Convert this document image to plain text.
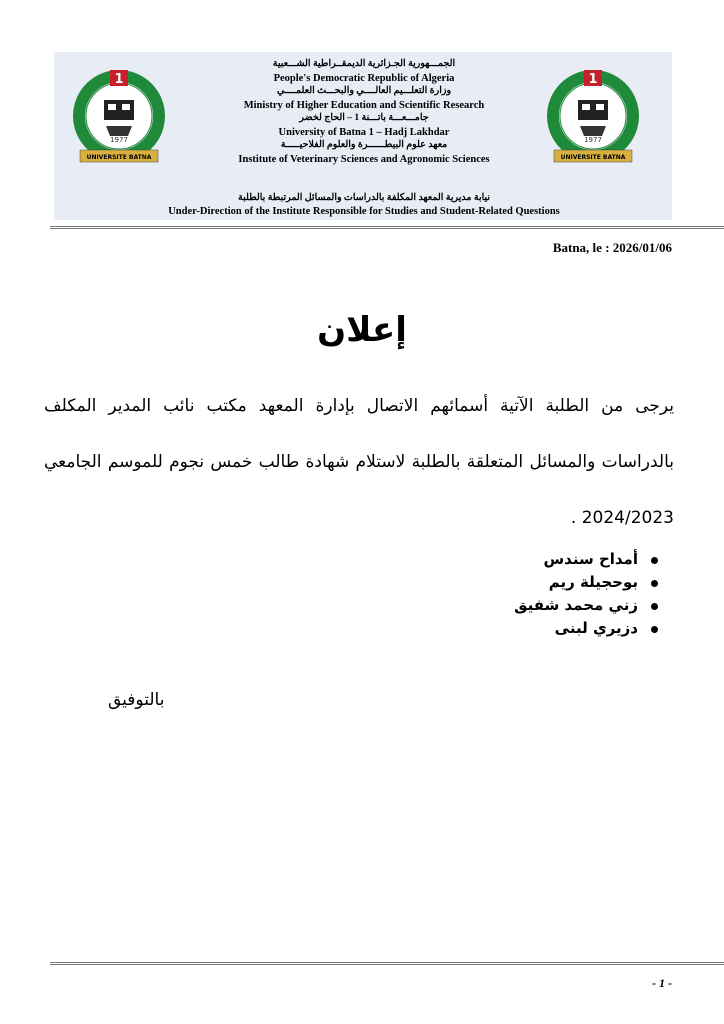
1
1977
UNIVERSITE BATNA
الجمـــهورية الجـزائرية الديمقــراطية الشـــعبية
People's Democratic Republic of Algeria
وزارة التعلـــيم العالــــي والبحـــث العلمــــي
Ministry of Higher Education and Scientific Research
جامـــعـــة باتـــنة 1 – الحاج لخضر
University of Batna 1 – Hadj Lakhdar
معهد علوم البيطــــــرة والعلوم الفلاحيـــــة
Institute of Veterinary Sciences and Agronomic Sciences
نيابة مديرية المعهد المكلفة بالدراسات والمسائل المرتبطة بالطلبة
Under-Direction of the Institute Responsible for Studies and Student-Related Questions
1
1977
UNIVERSITE BATNA
Batna, le : 2026/01/06
إعلان
يرجى من الطلبة الآتية أسمائهم الاتصال بإدارة المعهد مكتب نائب المدير المكلف بالدراسات والمسائل المتعلقة بالطلبة لاستلام شهادة طالب خمس نجوم للموسم الجامعي 2024/2023 .
أمداح سندس
بوحجيلة ريم
زني محمد شفيق
دزيري لبنى
بالتوفيق
- 1 -
